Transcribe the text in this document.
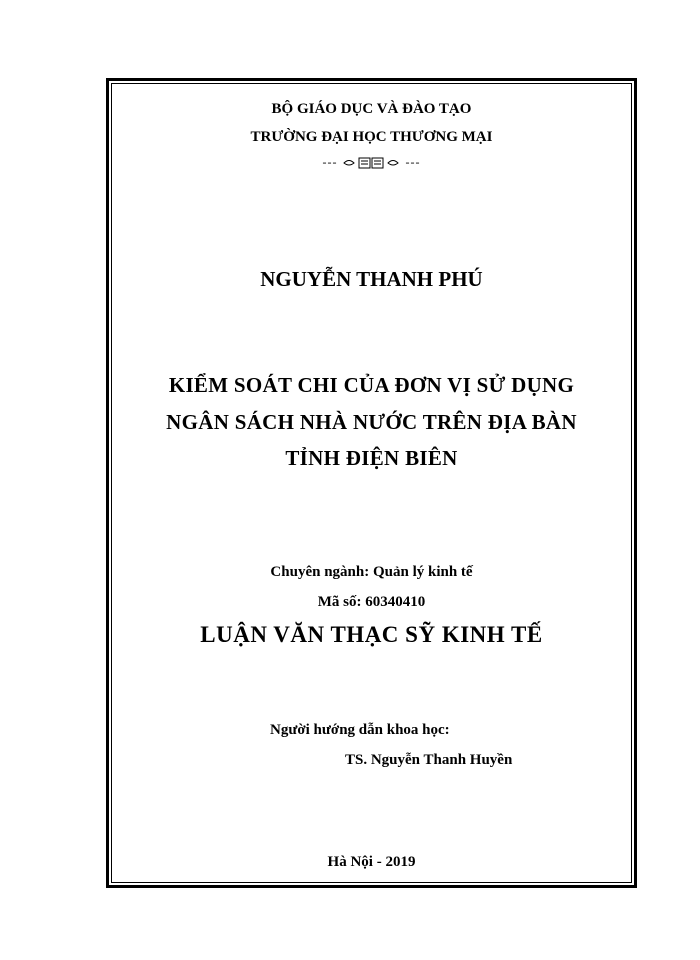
BỘ GIÁO DỤC VÀ ĐÀO TẠO
TRƯỜNG ĐẠI HỌC THƯƠNG MẠI
---	---
NGUYỄN THANH PHÚ
KIỂM SOÁT CHI CỦA ĐƠN VỊ SỬ DỤNG
NGÂN SÁCH NHÀ NƯỚC TRÊN ĐỊA BÀN
TỈNH ĐIỆN BIÊN
Chuyên ngành: Quản lý kinh tế
Mã số: 60340410
LUẬN VĂN THẠC SỸ KINH TẾ
Người hướng dẫn khoa học:
TS. Nguyễn Thanh Huyền
Hà Nội - 2019
